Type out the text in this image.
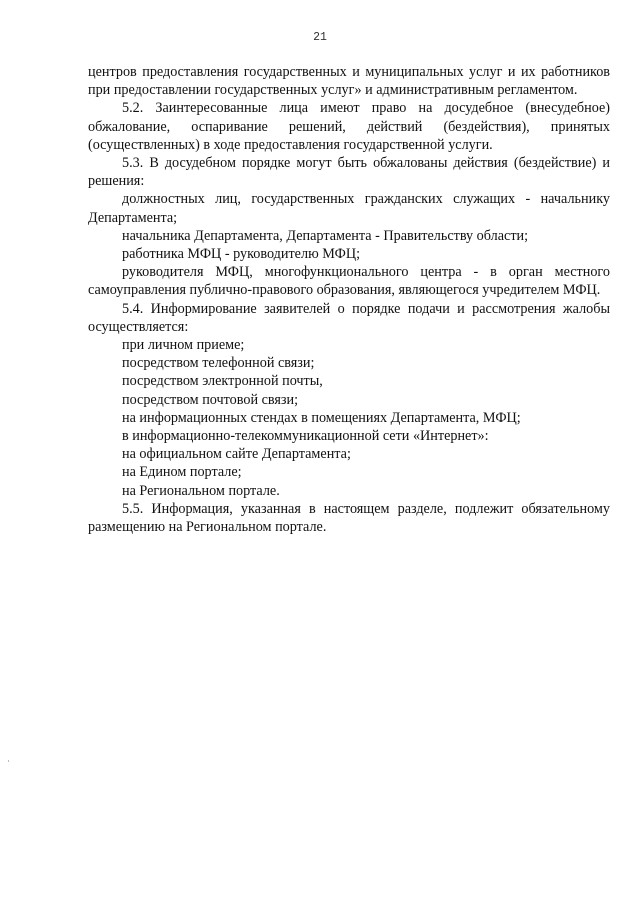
21

центров предоставления государственных и муниципальных услуг и их работников при предоставлении государственных услуг» и административным регламентом.

5.2. Заинтересованные лица имеют право на досудебное (внесудебное) обжалование, оспаривание решений, действий (бездействия), принятых (осуществленных) в ходе предоставления государственной услуги.

5.3. В досудебном порядке могут быть обжалованы действия (бездействие) и решения:

должностных лиц, государственных гражданских служащих - начальнику Департамента;

начальника Департамента, Департамента - Правительству области;

работника МФЦ - руководителю МФЦ;

руководителя МФЦ, многофункционального центра - в орган местного самоуправления публично-правового образования, являющегося учредителем МФЦ.

5.4. Информирование заявителей о порядке подачи и рассмотрения жалобы осуществляется:

при личном приеме;

посредством телефонной связи;

посредством электронной почты,

посредством почтовой связи;

на информационных стендах в помещениях Департамента, МФЦ;

в информационно-телекоммуникационной сети «Интернет»:

на официальном сайте Департамента;

на Едином портале;

на Региональном портале.

5.5. Информация, указанная в настоящем разделе, подлежит обязательному размещению на Региональном портале.
